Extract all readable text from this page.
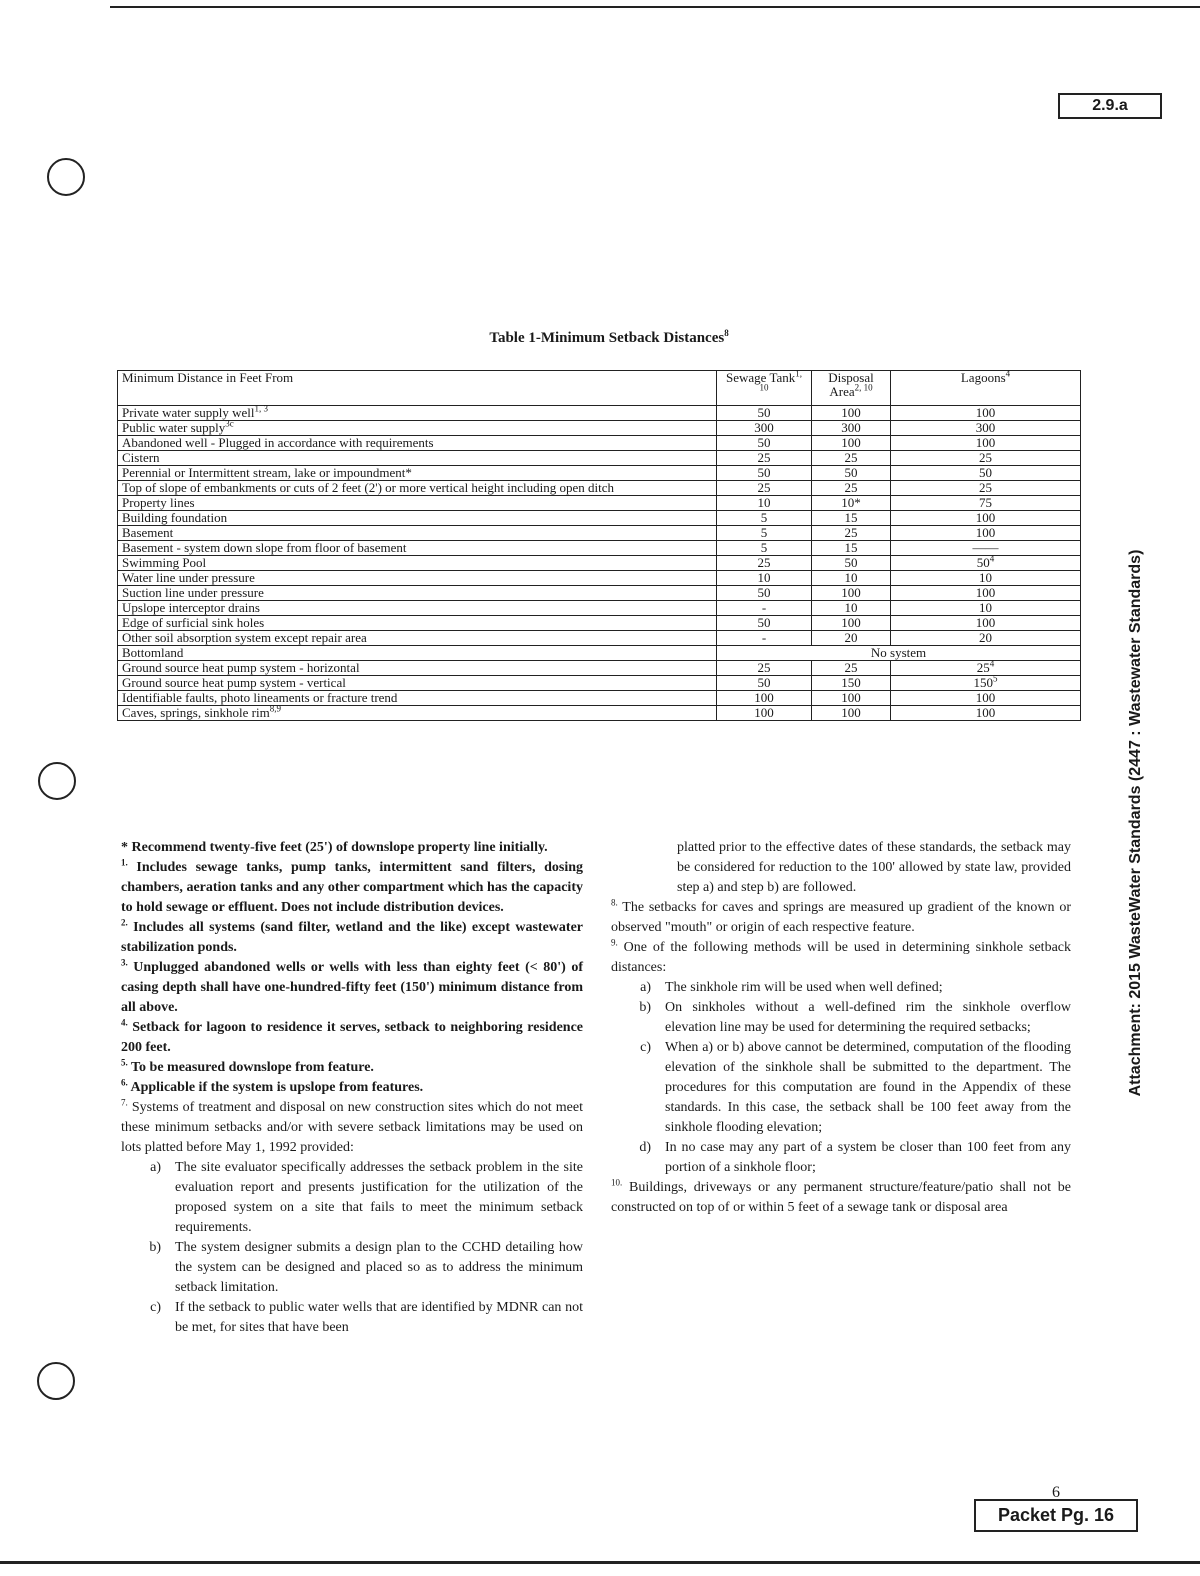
2.9.a
Attachment: 2015 WasteWater Standards (2447 : Wastewater Standards)
Table 1-Minimum Setback Distances$^8$
Minimum Distance in Feet From	Sewage Tank$^{1, 10}$	Disposal Area$^{2, 10}$	Lagoons$^4$
Private water supply well$^{1, 3}$	50	100	100
Public water supply$^{3c}$	300	300	300
Abandoned well - Plugged in accordance with requirements	50	100	100
Cistern	25	25	25
Perennial or Intermittent stream, lake or impoundment*	50	50	50
Top of slope of embankments or cuts of 2 feet (2') or more vertical height including open ditch	25	25	25
Property lines	10	10*	75
Building foundation	5	15	100
Basement	5	25	100
Basement - system down slope from floor of basement	5	15	——
Swimming Pool	25	50	$50^4$
Water line under pressure	10	10	10
Suction line under pressure	50	100	100
Upslope interceptor drains	-	10	10
Edge of surficial sink holes	50	100	100
Other soil absorption system except repair area	-	20	20
Bottomland	No system		
Ground source heat pump system - horizontal	25	25	$25^4$
Ground source heat pump system - vertical	50	150	$150^5$
Identifiable faults, photo lineaments or fracture trend	100	100	100
Caves, springs, sinkhole rim$^{8,9}$	100	100	100

* Recommend twenty-five feet (25') of downslope property line initially.

$^{1.}$ Includes sewage tanks, pump tanks, intermittent sand filters, dosing chambers, aeration tanks and any other compartment which has the capacity to hold sewage or effluent. Does not include distribution devices.

$^{2.}$ Includes all systems (sand filter, wetland and the like) except wastewater stabilization ponds.

$^{3.}$ Unplugged abandoned wells or wells with less than eighty feet (< 80') of casing depth shall have one-hundred-fifty feet (150') minimum distance from all above.

$^{4.}$ Setback for lagoon to residence it serves, setback to neighboring residence 200 feet.

$^{5.}$ To be measured downslope from feature.

$^{6.}$ Applicable if the system is upslope from features.

$^{7.}$ Systems of treatment and disposal on new construction sites which do not meet these minimum setbacks and/or with severe setback limitations may be used on lots platted before May 1, 1992 provided:

a)	The site evaluator specifically addresses the setback problem in the site evaluation report and presents justification for the utilization of the proposed system on a site that fails to meet the minimum setback requirements.
b)	The system designer submits a design plan to the CCHD detailing how the system can be designed and placed so as to address the minimum setback limitation.
c)	If the setback to public water wells that are identified by MDNR can not be met, for sites that have been

platted prior to the effective dates of these standards, the setback may be considered for reduction to the 100' allowed by state law, provided step a) and step b) are followed.

$^{8.}$ The setbacks for caves and springs are measured up gradient of the known or observed "mouth" or origin of each respective feature.

$^{9.}$ One of the following methods will be used in determining sinkhole setback distances:

a)	The sinkhole rim will be used when well defined;
b)	On sinkholes without a well-defined rim the sinkhole overflow elevation line may be used for determining the required setbacks;
c)	When a) or b) above cannot be determined, computation of the flooding elevation of the sinkhole shall be submitted to the department. The procedures for this computation are found in the Appendix of these standards. In this case, the setback shall be 100 feet away from the sinkhole flooding elevation;
d)	In no case may any part of a system be closer than 100 feet from any portion of a sinkhole floor;

$^{10.}$ Buildings, driveways or any permanent structure/feature/patio shall not be constructed on top of or within 5 feet of a sewage tank or disposal area

6
Packet Pg. 16
